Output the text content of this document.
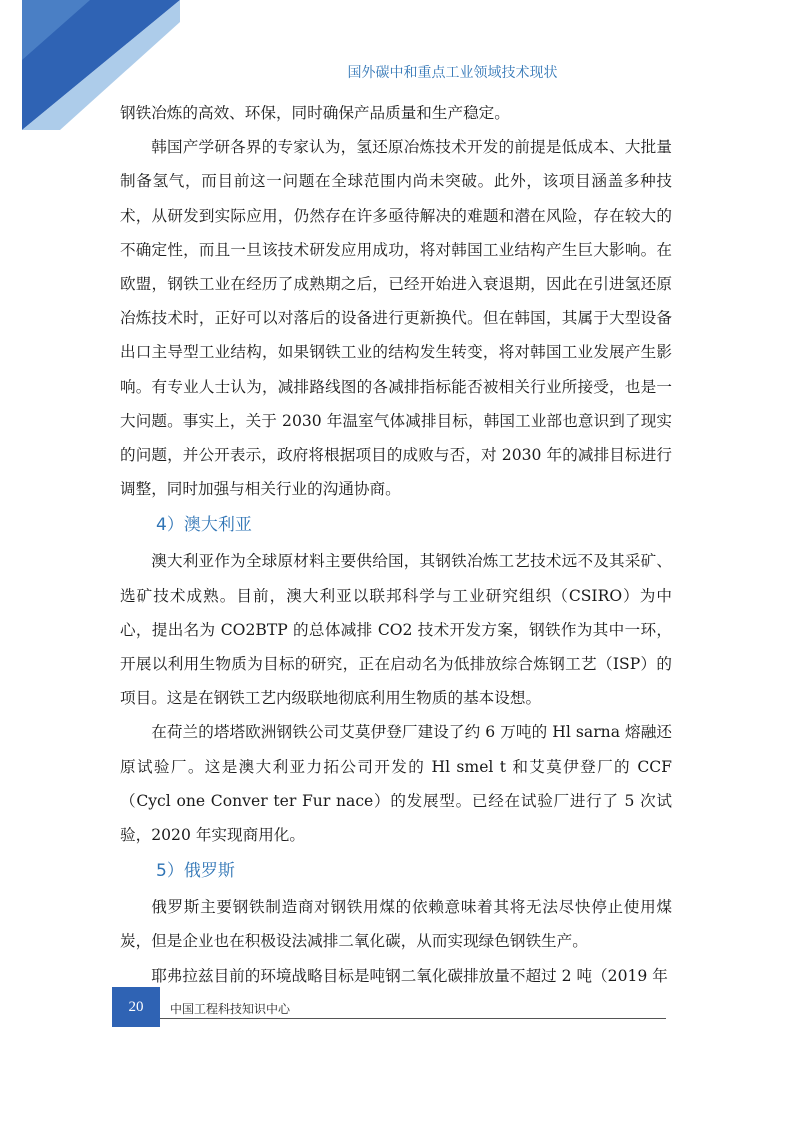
国外碳中和重点工业领域技术现状

钢铁冶炼的高效、环保，同时确保产品质量和生产稳定。

韩国产学研各界的专家认为，氢还原冶炼技术开发的前提是低成本、大批量制备氢气，而目前这一问题在全球范围内尚未突破。此外，该项目涵盖多种技术，从研发到实际应用，仍然存在许多亟待解决的难题和潜在风险，存在较大的不确定性，而且一旦该技术研发应用成功，将对韩国工业结构产生巨大影响。在欧盟，钢铁工业在经历了成熟期之后，已经开始进入衰退期，因此在引进氢还原冶炼技术时，正好可以对落后的设备进行更新换代。但在韩国，其属于大型设备出口主导型工业结构，如果钢铁工业的结构发生转变，将对韩国工业发展产生影响。有专业人士认为，减排路线图的各减排指标能否被相关行业所接受，也是一大问题。事实上，关于 2030 年温室气体减排目标，韩国工业部也意识到了现实的问题，并公开表示，政府将根据项目的成败与否，对 2030 年的减排目标进行调整，同时加强与相关行业的沟通协商。

4）澳大利亚

澳大利亚作为全球原材料主要供给国，其钢铁冶炼工艺技术远不及其采矿、选矿技术成熟。目前，澳大利亚以联邦科学与工业研究组织（CSIRO）为中心，提出名为 CO2BTP 的总体减排 CO2 技术开发方案，钢铁作为其中一环，开展以利用生物质为目标的研究，正在启动名为低排放综合炼钢工艺（ISP）的项目。这是在钢铁工艺内级联地彻底利用生物质的基本设想。

在荷兰的塔塔欧洲钢铁公司艾莫伊登厂建设了约 6 万吨的 Hl sarna 熔融还原试验厂。这是澳大利亚力拓公司开发的 Hl smel t 和艾莫伊登厂的 CCF（Cycl one Conver ter Fur nace）的发展型。已经在试验厂进行了 5 次试验，2020 年实现商用化。

5）俄罗斯

俄罗斯主要钢铁制造商对钢铁用煤的依赖意味着其将无法尽快停止使用煤炭，但是企业也在积极设法减排二氧化碳，从而实现绿色钢铁生产。

耶弗拉兹目前的环境战略目标是吨钢二氧化碳排放量不超过 2 吨（2019 年

20	中国工程科技知识中心
